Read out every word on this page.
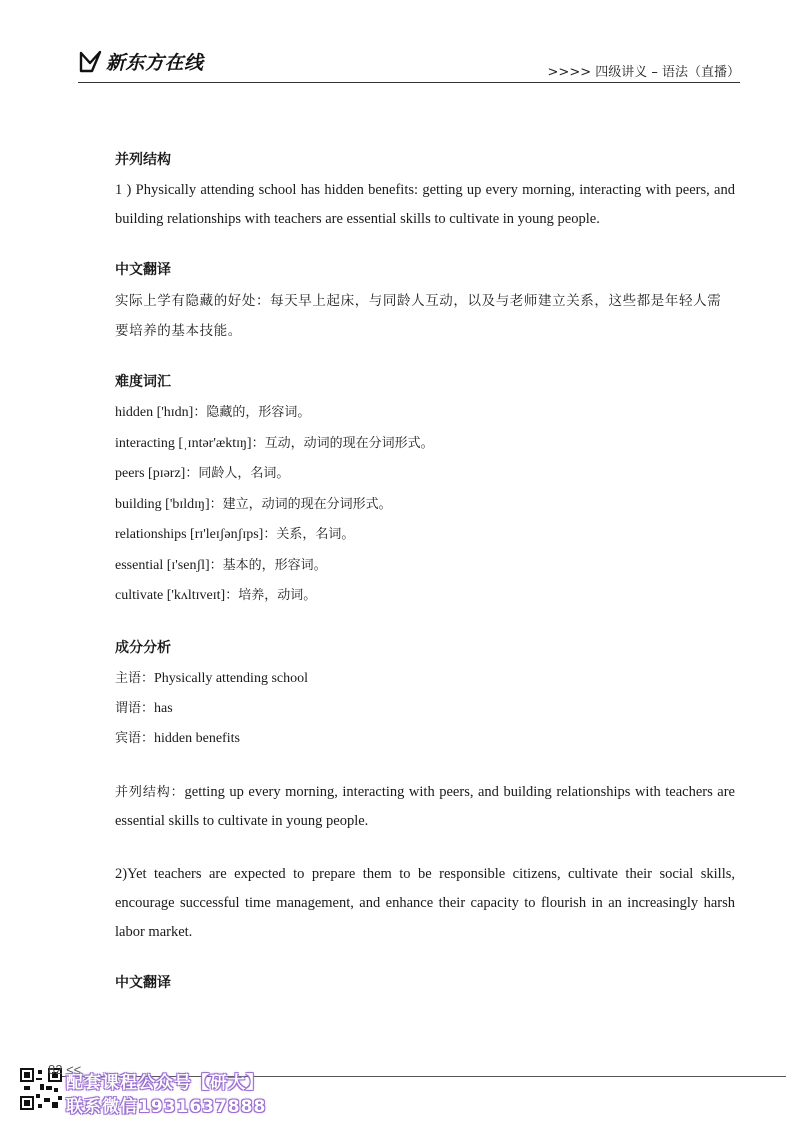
新东方在线	>>>> 四级讲义 – 语法（直播）
并列结构

1 ) Physically attending school has hidden benefits: getting up every morning, interacting with peers, and building relationships with teachers are essential skills to cultivate in young people.

中文翻译

实际上学有隐藏的好处：每天早上起床，与同龄人互动，以及与老师建立关系，这些都是年轻人需要培养的基本技能。

难度词汇
hidden ['hɪdn]：隐藏的，形容词。
interacting [ˌɪntər'æktɪŋ]：互动，动词的现在分词形式。
peers [pɪərz]：同龄人，名词。
building ['bɪldɪŋ]：建立，动词的现在分词形式。
relationships [rɪ'leɪʃənʃɪps]：关系，名词。
essential [ɪ'senʃl]：基本的，形容词。
cultivate ['kʌltɪveɪt]：培养，动词。
成分分析
主语：Physically attending school
谓语：has
宾语：hidden benefits

并列结构：getting up every morning, interacting with peers, and building relationships with teachers are essential skills to cultivate in young people.

2)Yet teachers are expected to prepare them to be responsible citizens, cultivate their social skills, encourage successful time management, and enhance their capacity to flourish in an increasingly harsh labor market.

中文翻译
82 <<
配套课程公众号【研大】
联系微信1931637888
